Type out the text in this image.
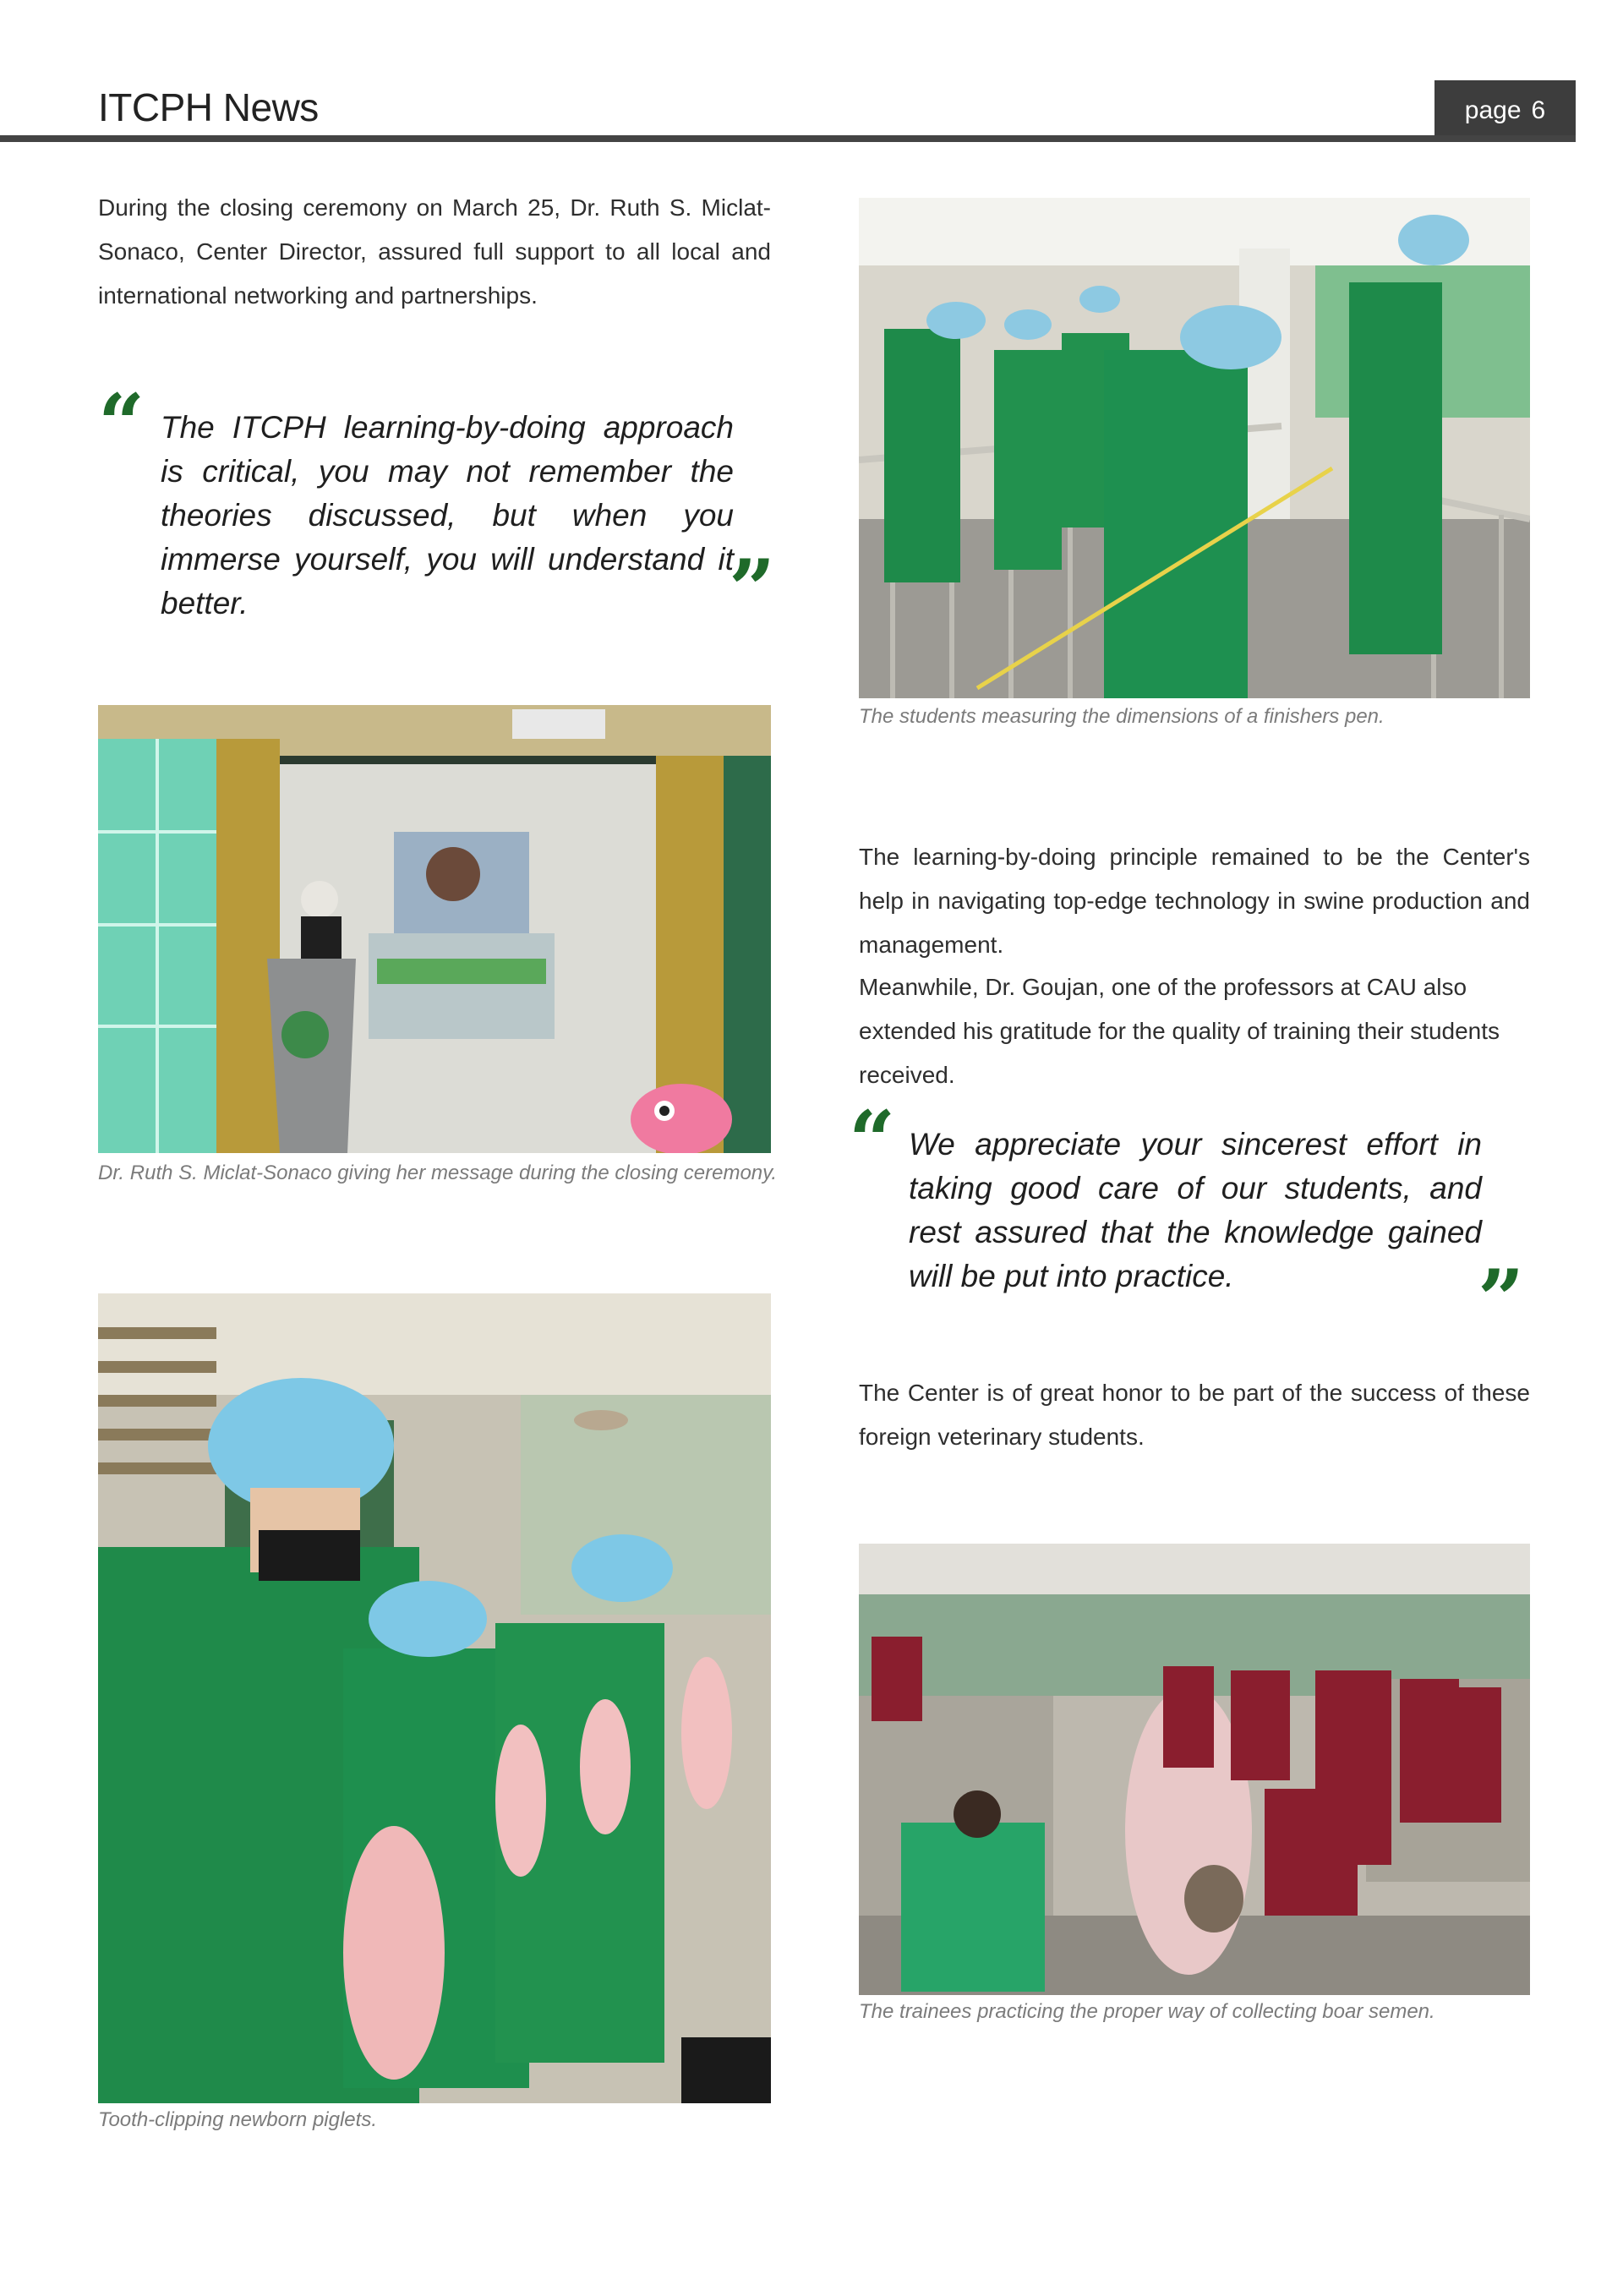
ITCPH News	page 6
During the closing ceremony on March 25, Dr. Ruth S. Miclat-Sonaco, Center Director, assured full support to all local and international networking and partnerships.
“ The ITCPH learning-by-doing approach is critical, you may not remember the theories discussed, but when you immerse yourself, you will understand it better.	”
Dr. Ruth S. Miclat-Sonaco giving her message during the closing ceremony.
Tooth-clipping newborn piglets.
The students measuring the dimensions of a finishers pen.
The learning-by-doing principle remained to be the Center's help in navigating top-edge technology in swine production and management.
Meanwhile, Dr. Goujan, one of the professors at CAU also extended his gratitude for the quality of training their students received.
“ We appreciate your sincerest effort in taking good care of our students, and rest assured that the knowledge gained will be put into practice.	”
The Center is of great honor to be part of the success of these foreign veterinary students.
The trainees practicing the proper way of collecting boar semen.
